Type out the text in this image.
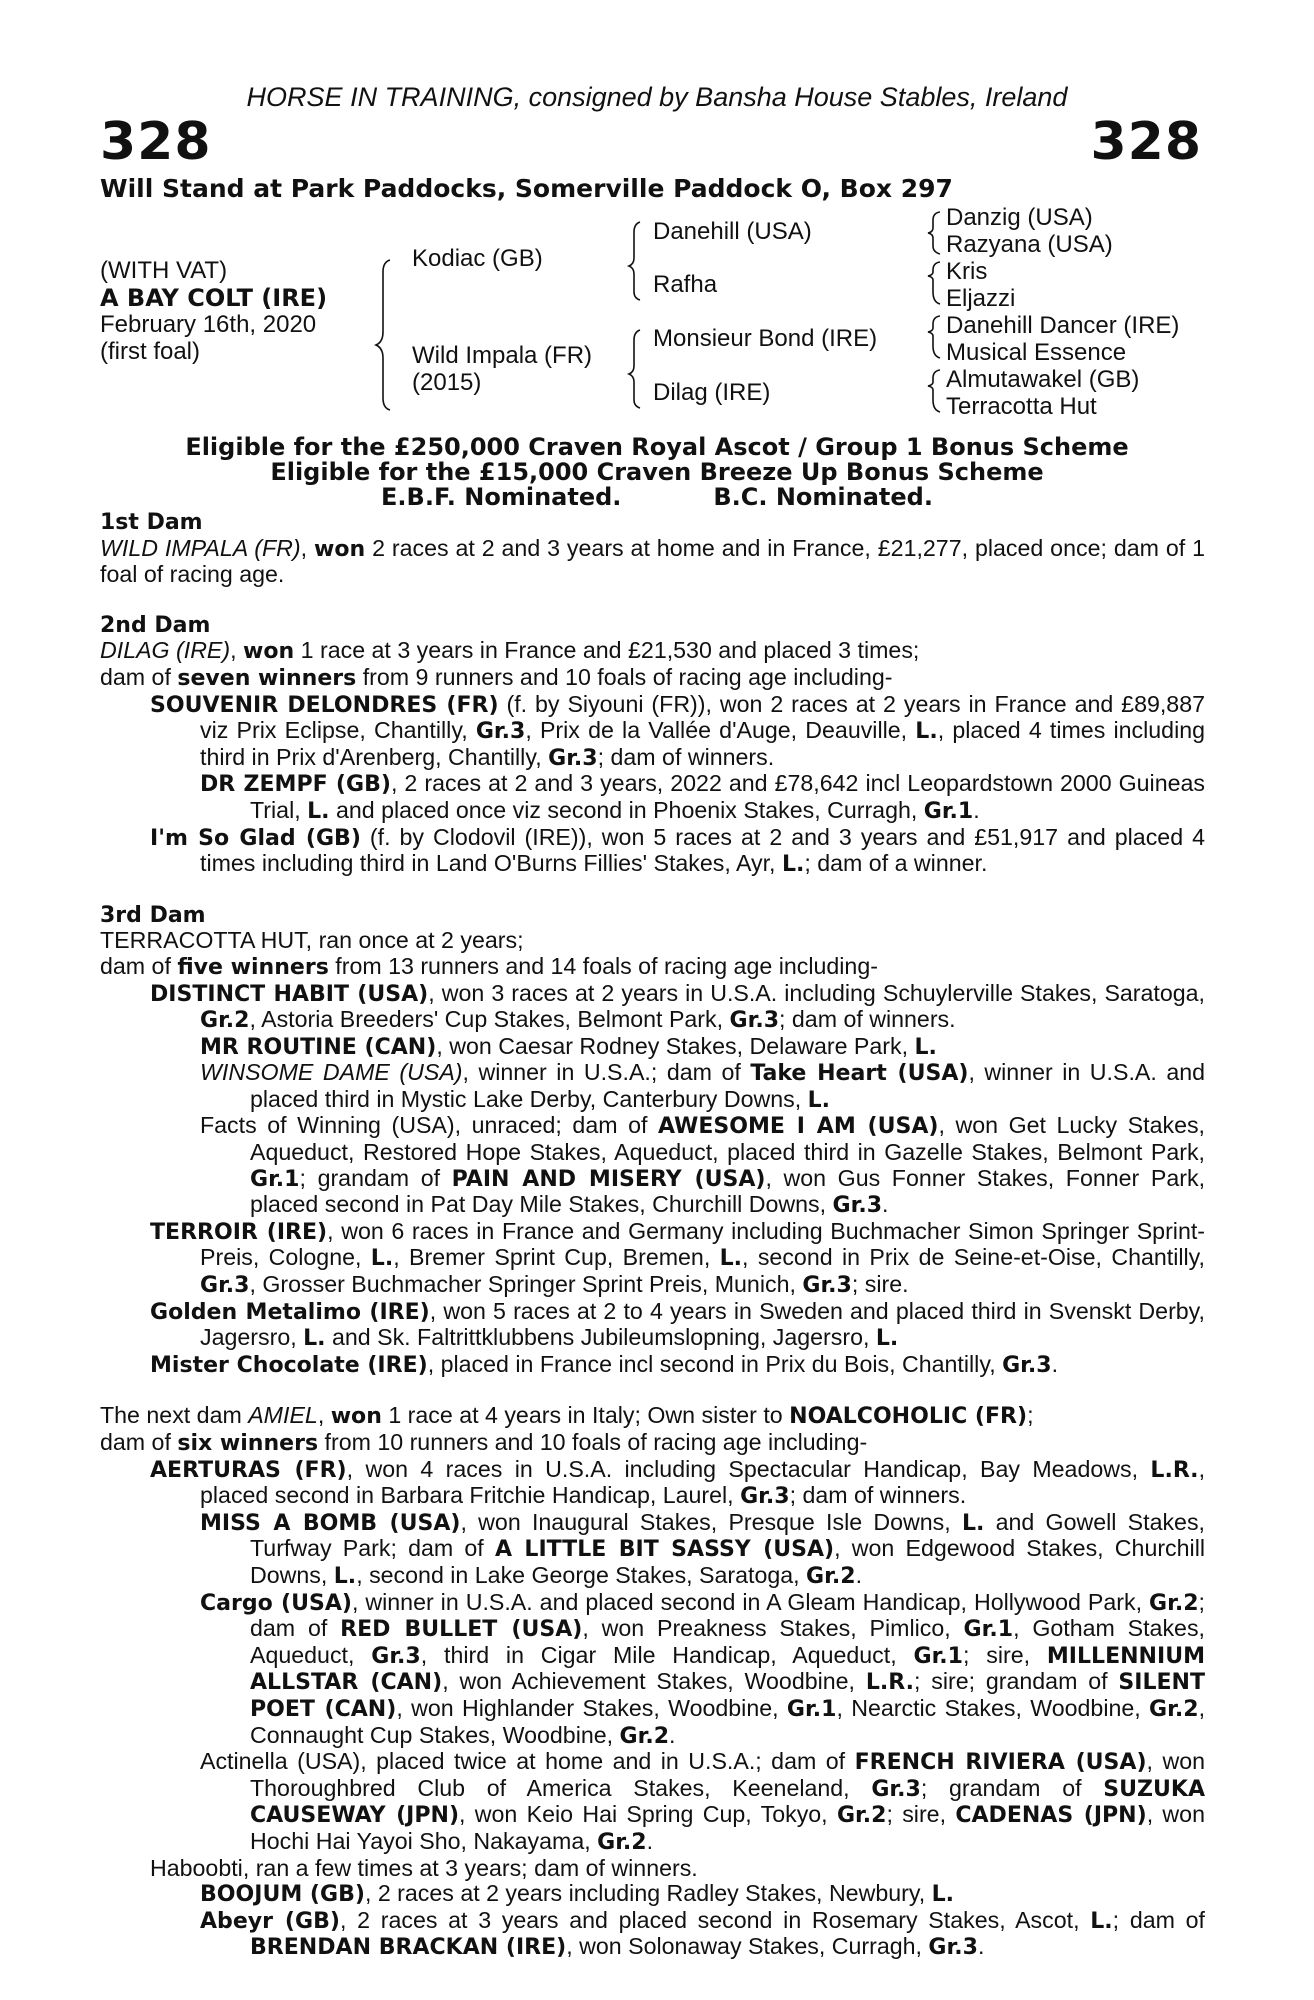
HORSE IN TRAINING, consigned by Bansha House Stables, Ireland
328	328
Will Stand at Park Paddocks, Somerville Paddock O, Box 297
(WITH VAT)
A BAY COLT (IRE)
February 16th, 2020
(first foal)
Kodiac (GB)
Wild Impala (FR)
(2015)
Danehill (USA)
Rafha
Monsieur Bond (IRE)
Dilag (IRE)
Danzig (USA)
Razyana (USA)
Kris
Eljazzi
Danehill Dancer (IRE)
Musical Essence
Almutawakel (GB)
Terracotta Hut
Eligible for the £250,000 Craven Royal Ascot / Group 1 Bonus Scheme
Eligible for the £15,000 Craven Breeze Up Bonus Scheme
E.B.F. Nominated.           B.C. Nominated.

1st Dam

WILD IMPALA (FR), won 2 races at 2 and 3 years at home and in France, £21,277, placed once; dam of 1 foal of racing age.

2nd Dam

DILAG (IRE), won 1 race at 3 years in France and £21,530 and placed 3 times;

dam of seven winners from 9 runners and 10 foals of racing age including-

SOUVENIR DELONDRES (FR) (f. by Siyouni (FR)), won 2 races at 2 years in France and £89,887 viz Prix Eclipse, Chantilly, Gr.3, Prix de la Vallée d'Auge, Deauville, L., placed 4 times including third in Prix d'Arenberg, Chantilly, Gr.3; dam of winners.

DR ZEMPF (GB), 2 races at 2 and 3 years, 2022 and £78,642 incl Leopardstown 2000 Guineas Trial, L. and placed once viz second in Phoenix Stakes, Curragh, Gr.1.

I'm So Glad (GB) (f. by Clodovil (IRE)), won 5 races at 2 and 3 years and £51,917 and placed 4 times including third in Land O'Burns Fillies' Stakes, Ayr, L.; dam of a winner.

3rd Dam

TERRACOTTA HUT, ran once at 2 years;

dam of five winners from 13 runners and 14 foals of racing age including-

DISTINCT HABIT (USA), won 3 races at 2 years in U.S.A. including Schuylerville Stakes, Saratoga, Gr.2, Astoria Breeders' Cup Stakes, Belmont Park, Gr.3; dam of winners.

MR ROUTINE (CAN), won Caesar Rodney Stakes, Delaware Park, L.

WINSOME DAME (USA), winner in U.S.A.; dam of Take Heart (USA), winner in U.S.A. and placed third in Mystic Lake Derby, Canterbury Downs, L.

Facts of Winning (USA), unraced; dam of AWESOME I AM (USA), won Get Lucky Stakes, Aqueduct, Restored Hope Stakes, Aqueduct, placed third in Gazelle Stakes, Belmont Park, Gr.1; grandam of PAIN AND MISERY (USA), won Gus Fonner Stakes, Fonner Park, placed second in Pat Day Mile Stakes, Churchill Downs, Gr.3.

TERROIR (IRE), won 6 races in France and Germany including Buchmacher Simon Springer Sprint-Preis, Cologne, L., Bremer Sprint Cup, Bremen, L., second in Prix de Seine-et-Oise, Chantilly, Gr.3, Grosser Buchmacher Springer Sprint Preis, Munich, Gr.3; sire.

Golden Metalimo (IRE), won 5 races at 2 to 4 years in Sweden and placed third in Svenskt Derby, Jagersro, L. and Sk. Faltrittklubbens Jubileumslopning, Jagersro, L.

Mister Chocolate (IRE), placed in France incl second in Prix du Bois, Chantilly, Gr.3.

The next dam AMIEL, won 1 race at 4 years in Italy; Own sister to NOALCOHOLIC (FR);

dam of six winners from 10 runners and 10 foals of racing age including-

AERTURAS (FR), won 4 races in U.S.A. including Spectacular Handicap, Bay Meadows, L.R., placed second in Barbara Fritchie Handicap, Laurel, Gr.3; dam of winners.

MISS A BOMB (USA), won Inaugural Stakes, Presque Isle Downs, L. and Gowell Stakes, Turfway Park; dam of A LITTLE BIT SASSY (USA), won Edgewood Stakes, Churchill Downs, L., second in Lake George Stakes, Saratoga, Gr.2.

Cargo (USA), winner in U.S.A. and placed second in A Gleam Handicap, Hollywood Park, Gr.2; dam of RED BULLET (USA), won Preakness Stakes, Pimlico, Gr.1, Gotham Stakes, Aqueduct, Gr.3, third in Cigar Mile Handicap, Aqueduct, Gr.1; sire, MILLENNIUM ALLSTAR (CAN), won Achievement Stakes, Woodbine, L.R.; sire; grandam of SILENT POET (CAN), won Highlander Stakes, Woodbine, Gr.1, Nearctic Stakes, Woodbine, Gr.2, Connaught Cup Stakes, Woodbine, Gr.2.

Actinella (USA), placed twice at home and in U.S.A.; dam of FRENCH RIVIERA (USA), won Thoroughbred Club of America Stakes, Keeneland, Gr.3; grandam of SUZUKA CAUSEWAY (JPN), won Keio Hai Spring Cup, Tokyo, Gr.2; sire, CADENAS (JPN), won Hochi Hai Yayoi Sho, Nakayama, Gr.2.

Haboobti, ran a few times at 3 years; dam of winners.

BOOJUM (GB), 2 races at 2 years including Radley Stakes, Newbury, L.

Abeyr (GB), 2 races at 3 years and placed second in Rosemary Stakes, Ascot, L.; dam of BRENDAN BRACKAN (IRE), won Solonaway Stakes, Curragh, Gr.3.
